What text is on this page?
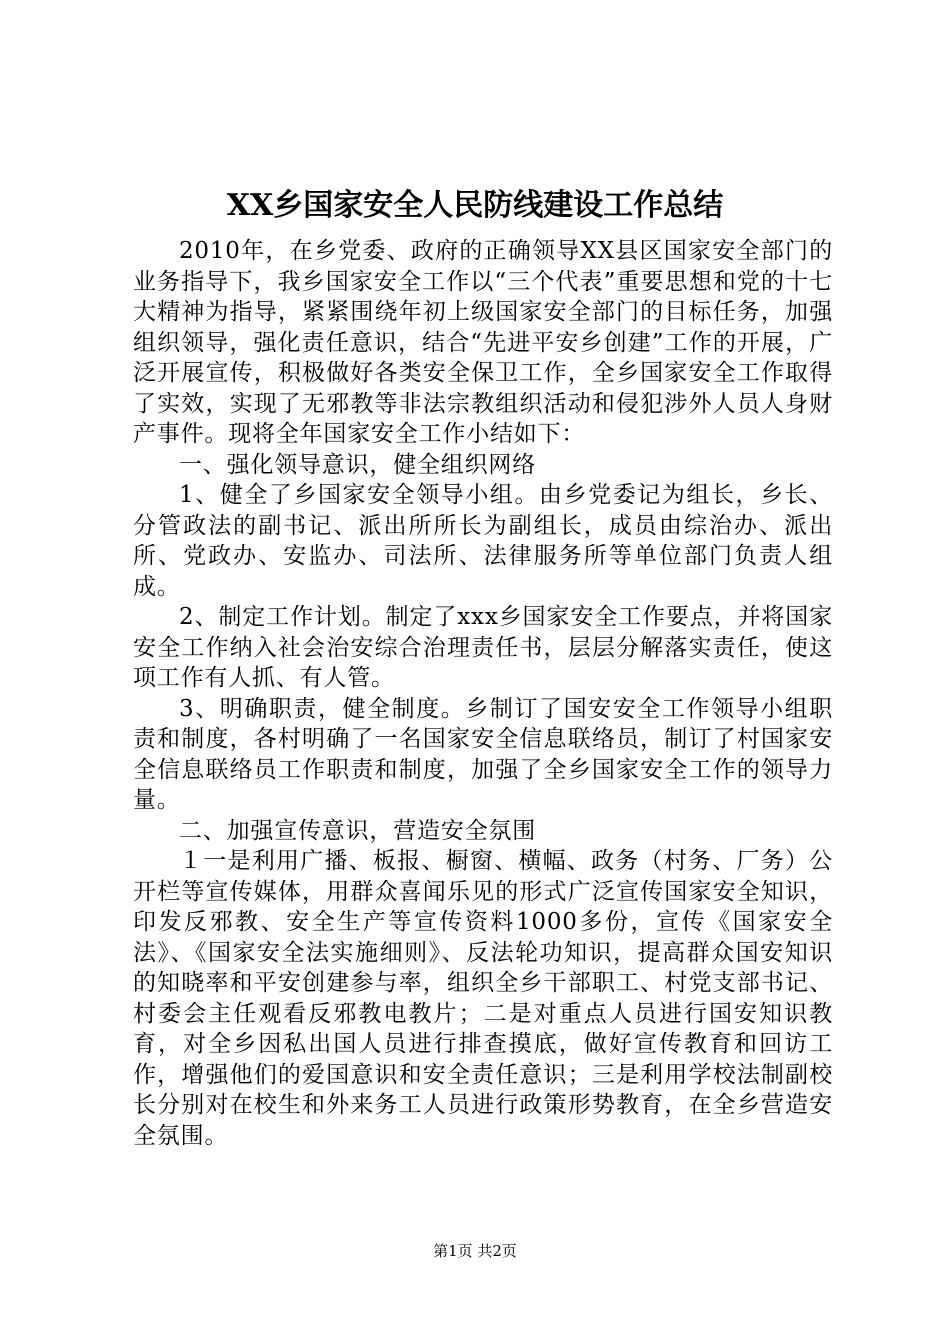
XX乡国家安全人民防线建设工作总结

2010年，在乡党委、政府的正确领导XX县区国家安全部门的业务指导下，我乡国家安全工作以“三个代表”重要思想和党的十七大精神为指导，紧紧围绕年初上级国家安全部门的目标任务，加强组织领导，强化责任意识，结合“先进平安乡创建”工作的开展，广泛开展宣传，积极做好各类安全保卫工作，全乡国家安全工作取得了实效，实现了无邪教等非法宗教组织活动和侵犯涉外人员人身财产事件。现将全年国家安全工作小结如下：

一、强化领导意识，健全组织网络

1、健全了乡国家安全领导小组。由乡党委记为组长，乡长、分管政法的副书记、派出所所长为副组长，成员由综治办、派出所、党政办、安监办、司法所、法律服务所等单位部门负责人组成。

2、制定工作计划。制定了xxx乡国家安全工作要点，并将国家安全工作纳入社会治安综合治理责任书，层层分解落实责任，使这项工作有人抓、有人管。

3、明确职责，健全制度。乡制订了国安安全工作领导小组职责和制度，各村明确了一名国家安全信息联络员，制订了村国家安全信息联络员工作职责和制度，加强了全乡国家安全工作的领导力量。

二、加强宣传意识，营造安全氛围

１一是利用广播、板报、橱窗、横幅、政务（村务、厂务）公开栏等宣传媒体，用群众喜闻乐见的形式广泛宣传国家安全知识，印发反邪教、安全生产等宣传资料1000多份，宣传《国家安全法》、《国家安全法实施细则》、反法轮功知识，提高群众国安知识的知晓率和平安创建参与率，组织全乡干部职工、村党支部书记、村委会主任观看反邪教电教片；二是对重点人员进行国安知识教育，对全乡因私出国人员进行排查摸底，做好宣传教育和回访工作，增强他们的爱国意识和安全责任意识；三是利用学校法制副校长分别对在校生和外来务工人员进行政策形势教育，在全乡营造安全氛围。

第1页 共2页
